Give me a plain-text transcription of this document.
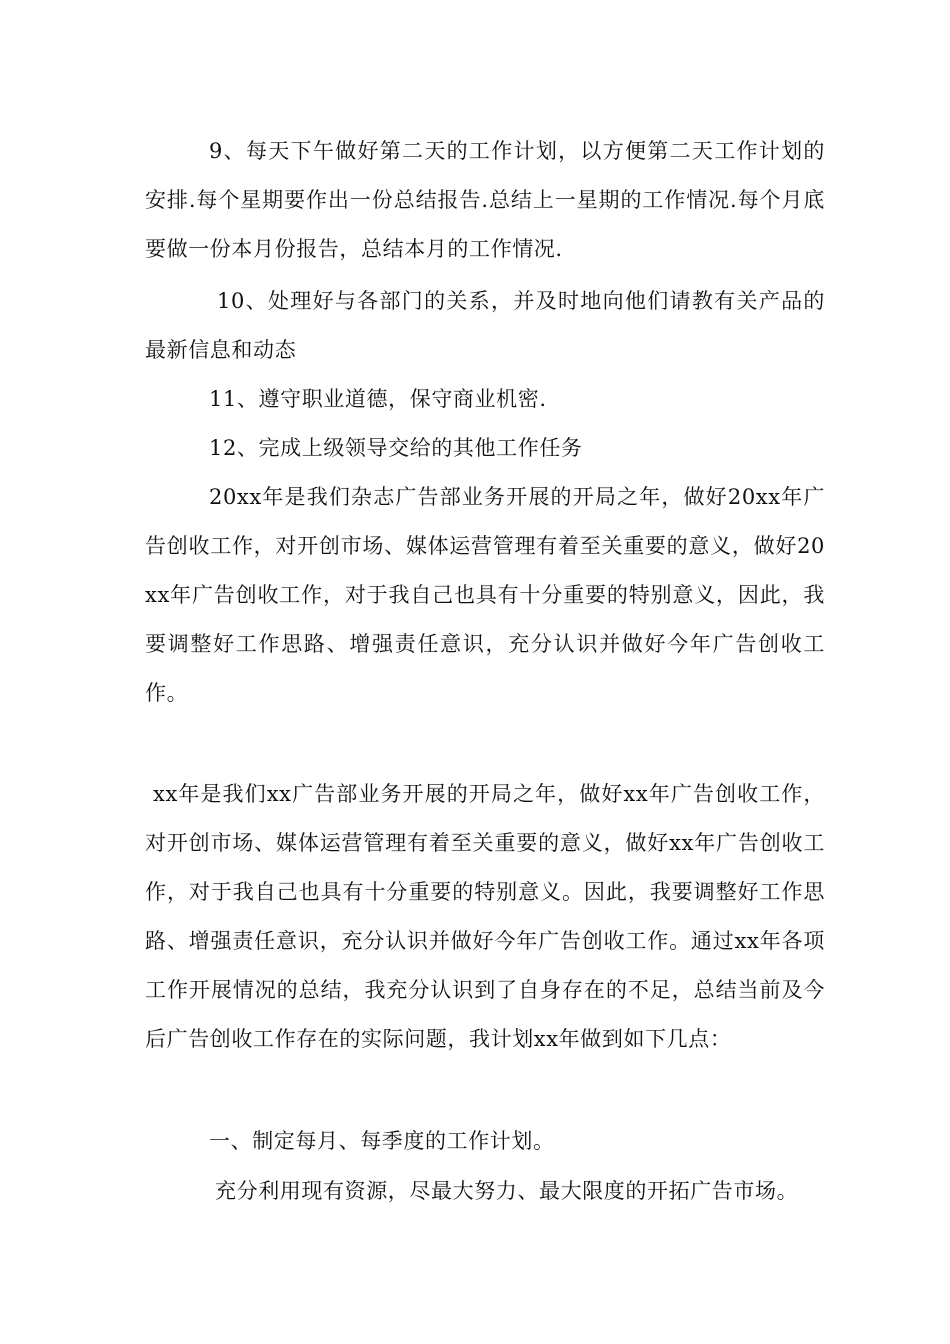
9、每天下午做好第二天的工作计划，以方便第二天工作计划的安排.每个星期要作出一份总结报告.总结上一星期的工作情况.每个月底要做一份本月份报告，总结本月的工作情况.

10、处理好与各部门的关系，并及时地向他们请教有关产品的最新信息和动态

11、遵守职业道德，保守商业机密.

12、完成上级领导交给的其他工作任务

20xx年是我们杂志广告部业务开展的开局之年，做好20xx年广告创收工作，对开创市场、媒体运营管理有着至关重要的意义，做好20xx年广告创收工作，对于我自己也具有十分重要的特别意义，因此，我要调整好工作思路、增强责任意识，充分认识并做好今年广告创收工作。

xx年是我们xx广告部业务开展的开局之年，做好xx年广告创收工作，对开创市场、媒体运营管理有着至关重要的意义，做好xx年广告创收工作，对于我自己也具有十分重要的特别意义。因此，我要调整好工作思路、增强责任意识，充分认识并做好今年广告创收工作。通过xx年各项工作开展情况的总结，我充分认识到了自身存在的不足，总结当前及今后广告创收工作存在的实际问题，我计划xx年做到如下几点：

一、制定每月、每季度的工作计划。

充分利用现有资源，尽最大努力、最大限度的开拓广告市场。
